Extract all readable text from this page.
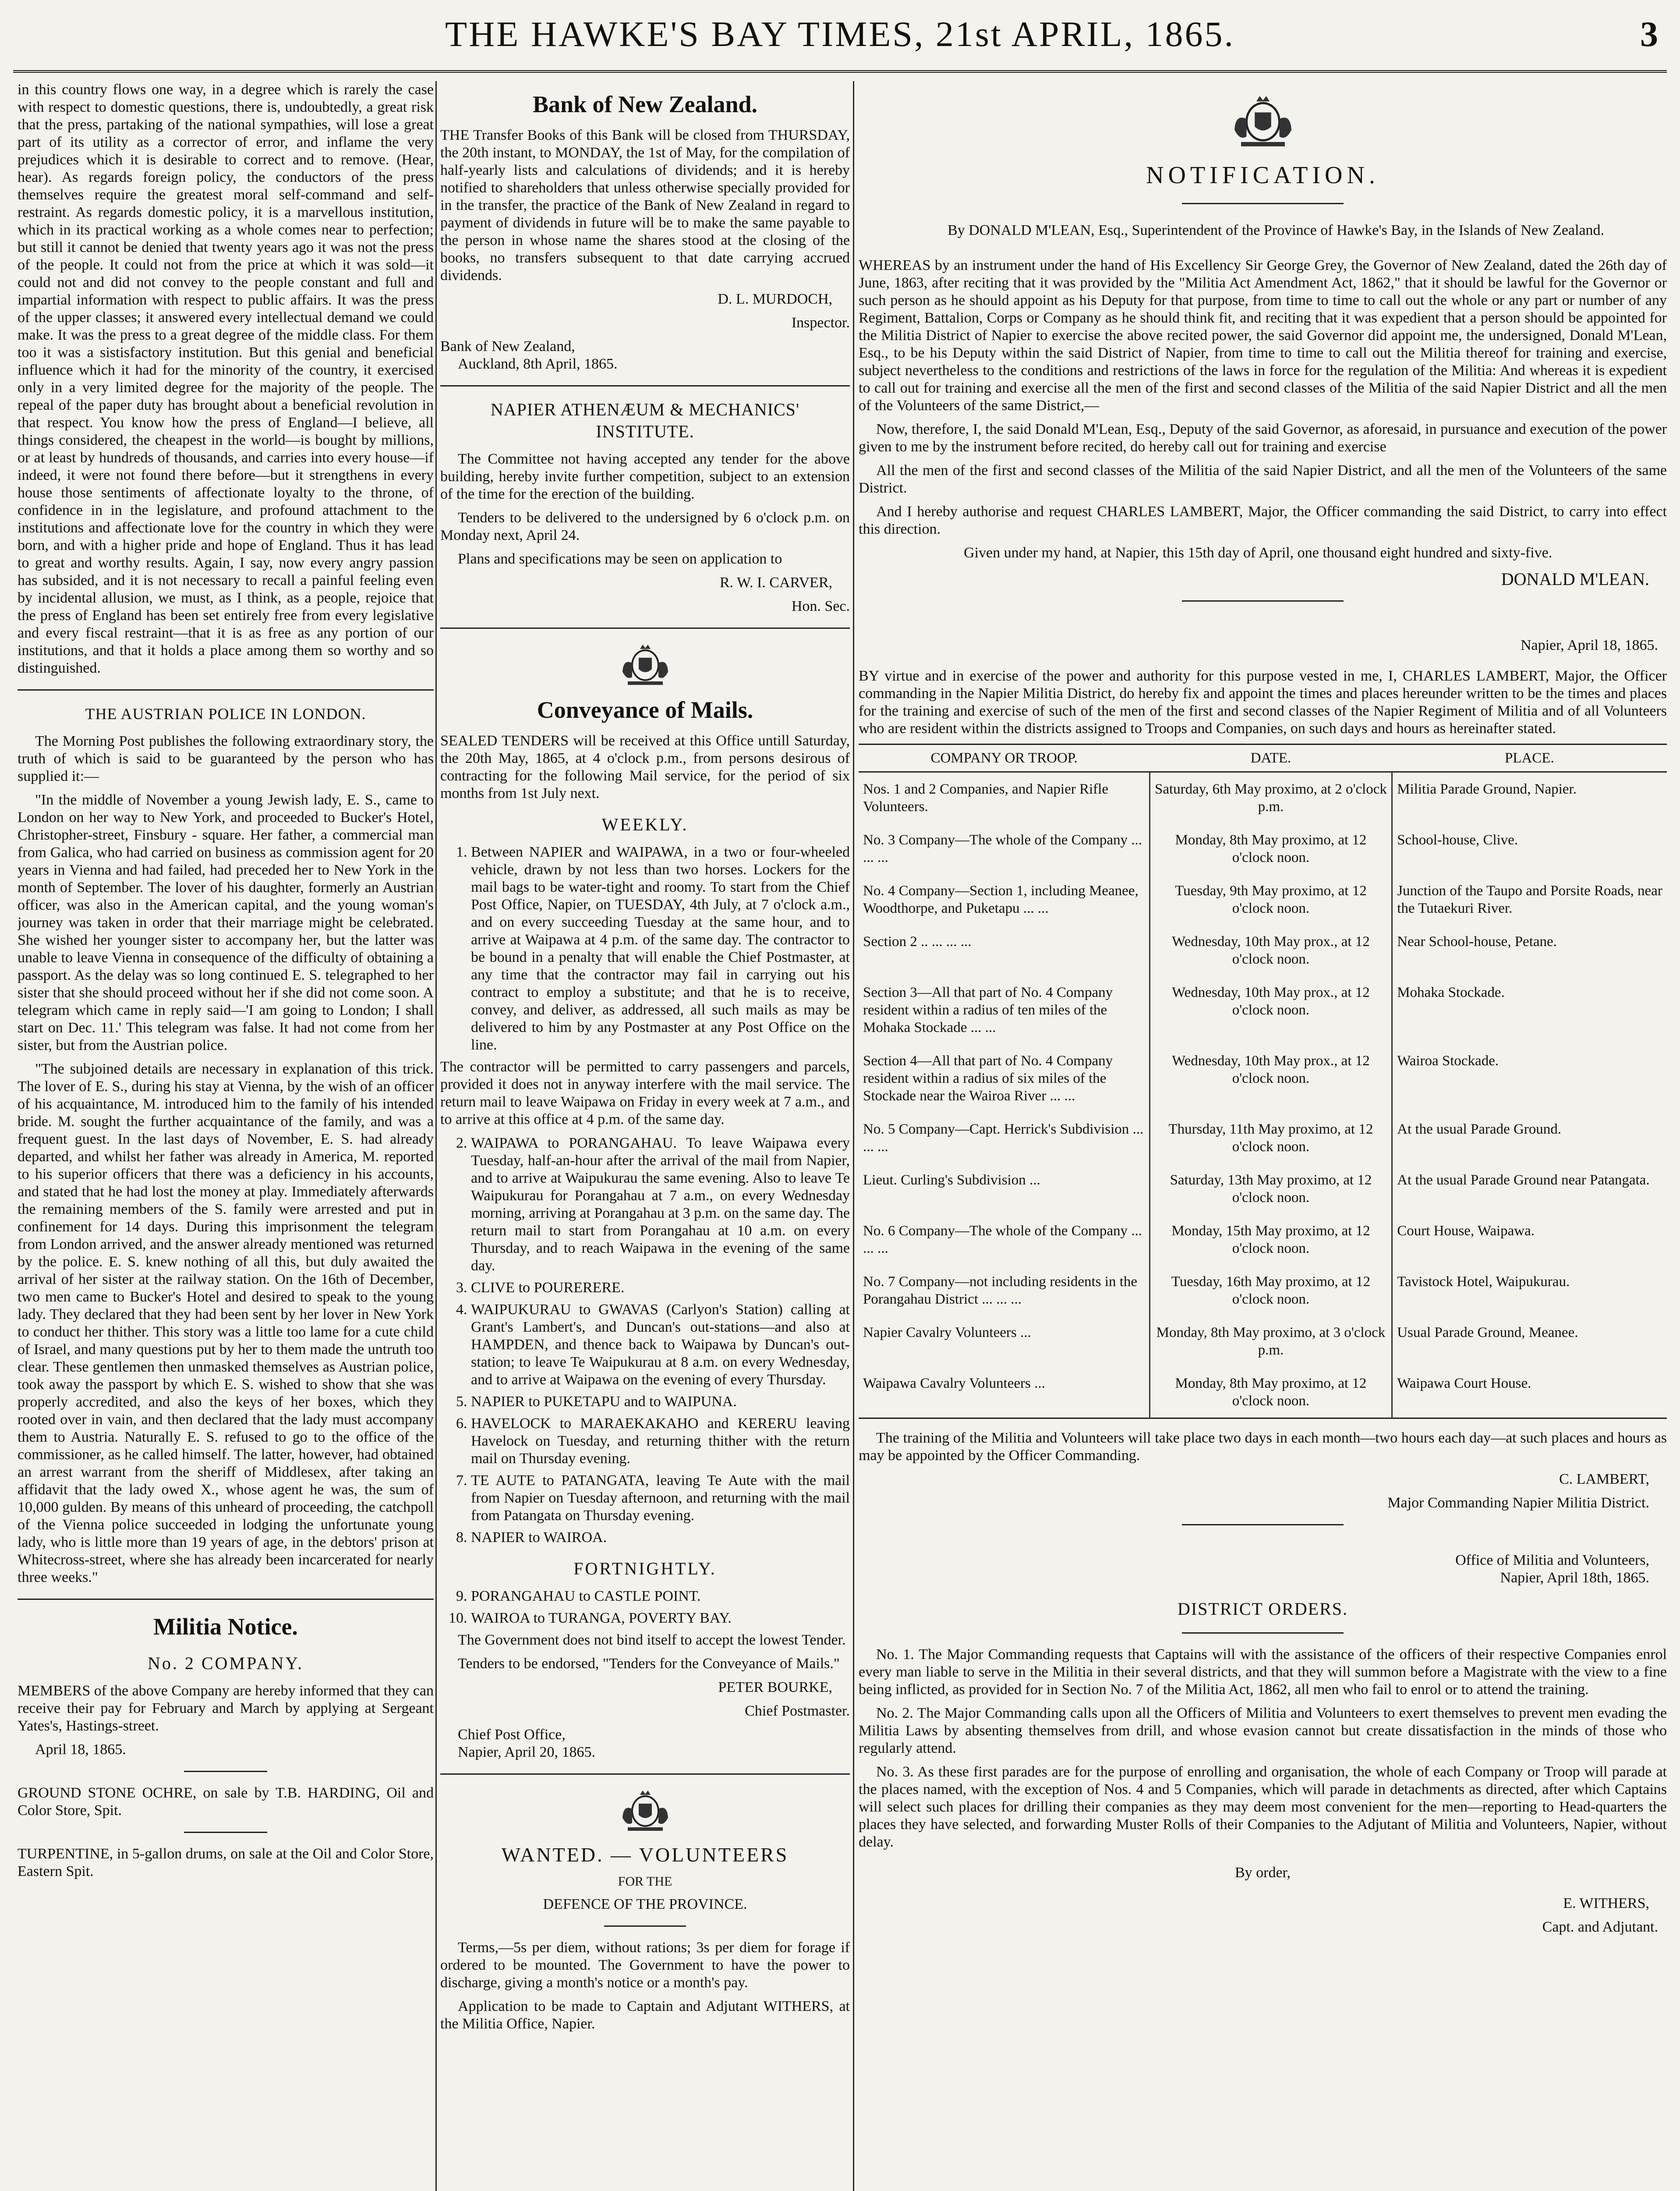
THE HAWKE'S BAY TIMES, 21st APRIL, 1865.	3

in this country flows one way, in a degree which is rarely the case with respect to domestic questions, there is, undoubtedly, a great risk that the press, partaking of the national sympathies, will lose a great part of its utility as a corrector of error, and inflame the very prejudices which it is desirable to correct and to remove. (Hear, hear). As regards foreign policy, the conductors of the press themselves require the greatest moral self-command and self-restraint. As regards domestic policy, it is a marvellous institution, which in its practical working as a whole comes near to perfection; but still it cannot be denied that twenty years ago it was not the press of the people. It could not from the price at which it was sold—it could not and did not convey to the people constant and full and impartial information with respect to public affairs. It was the press of the upper classes; it answered every intellectual demand we could make. It was the press to a great degree of the middle class. For them too it was a sistisfactory institution. But this genial and beneficial influence which it had for the minority of the country, it exercised only in a very limited degree for the majority of the people. The repeal of the paper duty has brought about a beneficial revolution in that respect. You know how the press of England—I believe, all things considered, the cheapest in the world—is bought by millions, or at least by hundreds of thousands, and carries into every house—if indeed, it were not found there before—but it strengthens in every house those sentiments of affectionate loyalty to the throne, of confidence in in the legislature, and profound attachment to the institutions and affectionate love for the country in which they were born, and with a higher pride and hope of England. Thus it has lead to great and worthy results. Again, I say, now every angry passion has subsided, and it is not necessary to recall a painful feeling even by incidental allusion, we must, as I think, as a people, rejoice that the press of England has been set entirely free from every legislative and every fiscal restraint—that it is as free as any portion of our institutions, and that it holds a place among them so worthy and so distinguished.

THE AUSTRIAN POLICE IN LONDON.

The Morning Post publishes the following extraordinary story, the truth of which is said to be guaranteed by the person who has supplied it:—

"In the middle of November a young Jewish lady, E. S., came to London on her way to New York, and proceeded to Bucker's Hotel, Christopher-street, Finsbury - square. Her father, a commercial man from Galica, who had carried on business as commission agent for 20 years in Vienna and had failed, had preceded her to New York in the month of September. The lover of his daughter, formerly an Austrian officer, was also in the American capital, and the young woman's journey was taken in order that their marriage might be celebrated. She wished her younger sister to accompany her, but the latter was unable to leave Vienna in consequence of the difficulty of obtaining a passport. As the delay was so long continued E. S. telegraphed to her sister that she should proceed without her if she did not come soon. A telegram which came in reply said—'I am going to London; I shall start on Dec. 11.' This telegram was false. It had not come from her sister, but from the Austrian police.

"The subjoined details are necessary in explanation of this trick. The lover of E. S., during his stay at Vienna, by the wish of an officer of his acquaintance, M. introduced him to the family of his intended bride. M. sought the further acquaintance of the family, and was a frequent guest. In the last days of November, E. S. had already departed, and whilst her father was already in America, M. reported to his superior officers that there was a deficiency in his accounts, and stated that he had lost the money at play. Immediately afterwards the remaining members of the S. family were arrested and put in confinement for 14 days. During this imprisonment the telegram from London arrived, and the answer already mentioned was returned by the police. E. S. knew nothing of all this, but duly awaited the arrival of her sister at the railway station. On the 16th of December, two men came to Bucker's Hotel and desired to speak to the young lady. They declared that they had been sent by her lover in New York to conduct her thither. This story was a little too lame for a cute child of Israel, and many questions put by her to them made the untruth too clear. These gentlemen then unmasked themselves as Austrian police, took away the passport by which E. S. wished to show that she was properly accredited, and also the keys of her boxes, which they rooted over in vain, and then declared that the lady must accompany them to Austria. Naturally E. S. refused to go to the office of the commissioner, as he called himself. The latter, however, had obtained an arrest warrant from the sheriff of Middlesex, after taking an affidavit that the lady owed X., whose agent he was, the sum of 10,000 gulden. By means of this unheard of proceeding, the catchpoll of the Vienna police succeeded in lodging the unfortunate young lady, who is little more than 19 years of age, in the debtors' prison at Whitecross-street, where she has already been incarcerated for nearly three weeks."

Militia Notice.
No. 2 COMPANY.

MEMBERS of the above Company are hereby informed that they can receive their pay for February and March by applying at Sergeant Yates's, Hastings-street.

April 18, 1865.

GROUND STONE OCHRE, on sale by T.B. HARDING, Oil and Color Store, Spit.

TURPENTINE, in 5-gallon drums, on sale at the Oil and Color Store, Eastern Spit.

Bank of New Zealand.

THE Transfer Books of this Bank will be closed from THURSDAY, the 20th instant, to MONDAY, the 1st of May, for the compilation of half-yearly lists and calculations of dividends; and it is hereby notified to shareholders that unless otherwise specially provided for in the transfer, the practice of the Bank of New Zealand in regard to payment of dividends in future will be to make the same payable to the person in whose name the shares stood at the closing of the books, no transfers subsequent to that date carrying accrued dividends.

D. L. MURDOCH,

Inspector.

Bank of New Zealand,

Auckland, 8th April, 1865.

NAPIER ATHENÆUM & MECHANICS' INSTITUTE.

The Committee not having accepted any tender for the above building, hereby invite further competition, subject to an extension of the time for the erection of the building.

Tenders to be delivered to the undersigned by 6 o'clock p.m. on Monday next, April 24.

Plans and specifications may be seen on application to

R. W. I. CARVER,

Hon. Sec.

Conveyance of Mails.

SEALED TENDERS will be received at this Office untill Saturday, the 20th May, 1865, at 4 o'clock p.m., from persons desirous of contracting for the following Mail service, for the period of six months from 1st July next.

WEEKLY.
1. Between NAPIER and WAIPAWA, in a two or four-wheeled vehicle, drawn by not less than two horses. Lockers for the mail bags to be water-tight and roomy. To start from the Chief Post Office, Napier, on TUESDAY, 4th July, at 7 o'clock a.m., and on every succeeding Tuesday at the same hour, and to arrive at Waipawa at 4 p.m. of the same day. The contractor to be bound in a penalty that will enable the Chief Postmaster, at any time that the contractor may fail in carrying out his contract to employ a substitute; and that he is to receive, convey, and deliver, as addressed, all such mails as may be delivered to him by any Postmaster at any Post Office on the line.

The contractor will be permitted to carry passengers and parcels, provided it does not in anyway interfere with the mail service. The return mail to leave Waipawa on Friday in every week at 7 a.m., and to arrive at this office at 4 p.m. of the same day.

2. WAIPAWA to PORANGAHAU. To leave Waipawa every Tuesday, half-an-hour after the arrival of the mail from Napier, and to arrive at Waipukurau the same evening. Also to leave Te Waipukurau for Porangahau at 7 a.m., on every Wednesday morning, arriving at Porangahau at 3 p.m. on the same day. The return mail to start from Porangahau at 10 a.m. on every Thursday, and to reach Waipawa in the evening of the same day.
3. CLIVE to POURERERE.
4. WAIPUKURAU to GWAVAS (Carlyon's Station) calling at Grant's Lambert's, and Duncan's out-stations—and also at HAMPDEN, and thence back to Waipawa by Duncan's out-station; to leave Te Waipukurau at 8 a.m. on every Wednesday, and to arrive at Waipawa on the evening of every Thursday.
5. NAPIER to PUKETAPU and to WAIPUNA.
6. HAVELOCK to MARAEKAKAHO and KERERU leaving Havelock on Tuesday, and returning thither with the return mail on Thursday evening.
7. TE AUTE to PATANGATA, leaving Te Aute with the mail from Napier on Tuesday afternoon, and returning with the mail from Patangata on Thursday evening.
8. NAPIER to WAIROA.
FORTNIGHTLY.
9. PORANGAHAU to CASTLE POINT.
10. WAIROA to TURANGA, POVERTY BAY.

The Government does not bind itself to accept the lowest Tender.

Tenders to be endorsed, "Tenders for the Conveyance of Mails."

PETER BOURKE,

Chief Postmaster.

Chief Post Office,

Napier, April 20, 1865.

WANTED. — VOLUNTEERS

FOR THE

DEFENCE OF THE PROVINCE.

Terms,—5s per diem, without rations; 3s per diem for forage if ordered to be mounted. The Government to have the power to discharge, giving a month's notice or a month's pay.

Application to be made to Captain and Adjutant WITHERS, at the Militia Office, Napier.

NOTIFICATION.

By DONALD M'LEAN, Esq., Superintendent of the Province of Hawke's Bay, in the Islands of New Zealand.

WHEREAS by an instrument under the hand of His Excellency Sir George Grey, the Governor of New Zealand, dated the 26th day of June, 1863, after reciting that it was provided by the "Militia Act Amendment Act, 1862," that it should be lawful for the Governor or such person as he should appoint as his Deputy for that purpose, from time to time to call out the whole or any part or number of any Regiment, Battalion, Corps or Company as he should think fit, and reciting that it was expedient that a person should be appointed for the Militia District of Napier to exercise the above recited power, the said Governor did appoint me, the undersigned, Donald M'Lean, Esq., to be his Deputy within the said District of Napier, from time to time to call out the Militia thereof for training and exercise, subject nevertheless to the conditions and restrictions of the laws in force for the regulation of the Militia: And whereas it is expedient to call out for training and exercise all the men of the first and second classes of the Militia of the said Napier District and all the men of the Volunteers of the same District,—

Now, therefore, I, the said Donald M'Lean, Esq., Deputy of the said Governor, as aforesaid, in pursuance and execution of the power given to me by the instrument before recited, do hereby call out for training and exercise

All the men of the first and second classes of the Militia of the said Napier District, and all the men of the Volunteers of the same District.

And I hereby authorise and request CHARLES LAMBERT, Major, the Officer commanding the said District, to carry into effect this direction.

Given under my hand, at Napier, this 15th day of April, one thousand eight hundred and sixty-five.

DONALD M'LEAN.

Napier, April 18, 1865.

BY virtue and in exercise of the power and authority for this purpose vested in me, I, CHARLES LAMBERT, Major, the Officer commanding in the Napier Militia District, do hereby fix and appoint the times and places hereunder written to be the times and places for the training and exercise of such of the men of the first and second classes of the Napier Regiment of Militia and of all Volunteers who are resident within the districts assigned to Troops and Companies, on such days and hours as hereinafter stated.

COMPANY OR TROOP.	DATE.	PLACE.
Nos. 1 and 2 Companies, and Napier Rifle Volunteers.	Saturday, 6th May proximo, at 2 o'clock p.m.	Militia Parade Ground, Napier.
No. 3 Company—The whole of the Company ... ... ...	Monday, 8th May proximo, at 12 o'clock noon.	School-house, Clive.
No. 4 Company—Section 1, including Meanee, Woodthorpe, and Puketapu ... ...	Tuesday, 9th May proximo, at 12 o'clock noon.	Junction of the Taupo and Porsite Roads, near the Tutaekuri River.
Section 2 .. ... ... ...	Wednesday, 10th May prox., at 12 o'clock noon.	Near School-house, Petane.
Section 3—All that part of No. 4 Company resident within a radius of ten miles of the Mohaka Stockade ... ...	Wednesday, 10th May prox., at 12 o'clock noon.	Mohaka Stockade.
Section 4—All that part of No. 4 Company resident within a radius of six miles of the Stockade near the Wairoa River ... ...	Wednesday, 10th May prox., at 12 o'clock noon.	Wairoa Stockade.
No. 5 Company—Capt. Herrick's Subdivision ... ... ...	Thursday, 11th May proximo, at 12 o'clock noon.	At the usual Parade Ground.
Lieut. Curling's Subdivision ...	Saturday, 13th May proximo, at 12 o'clock noon.	At the usual Parade Ground near Patangata.
No. 6 Company—The whole of the Company ... ... ...	Monday, 15th May proximo, at 12 o'clock noon.	Court House, Waipawa.
No. 7 Company—not including residents in the Porangahau District ... ... ...	Tuesday, 16th May proximo, at 12 o'clock noon.	Tavistock Hotel, Waipukurau.
Napier Cavalry Volunteers ...	Monday, 8th May proximo, at 3 o'clock p.m.	Usual Parade Ground, Meanee.
Waipawa Cavalry Volunteers ...	Monday, 8th May proximo, at 12 o'clock noon.	Waipawa Court House.

The training of the Militia and Volunteers will take place two days in each month—two hours each day—at such places and hours as may be appointed by the Officer Commanding.

C. LAMBERT,

Major Commanding Napier Militia District.

Office of Militia and Volunteers,

Napier, April 18th, 1865.

DISTRICT ORDERS.

No. 1. The Major Commanding requests that Captains will with the assistance of the officers of their respective Companies enrol every man liable to serve in the Militia in their several districts, and that they will summon before a Magistrate with the view to a fine being inflicted, as provided for in Section No. 7 of the Militia Act, 1862, all men who fail to enrol or to attend the training.

No. 2. The Major Commanding calls upon all the Officers of Militia and Volunteers to exert themselves to prevent men evading the Militia Laws by absenting themselves from drill, and whose evasion cannot but create dissatisfaction in the minds of those who regularly attend.

No. 3. As these first parades are for the purpose of enrolling and organisation, the whole of each Company or Troop will parade at the places named, with the exception of Nos. 4 and 5 Companies, which will parade in detachments as directed, after which Captains will select such places for drilling their companies as they may deem most convenient for the men—reporting to Head-quarters the places they have selected, and forwarding Muster Rolls of their Companies to the Adjutant of Militia and Volunteers, Napier, without delay.

By order,

E. WITHERS,

Capt. and Adjutant.
